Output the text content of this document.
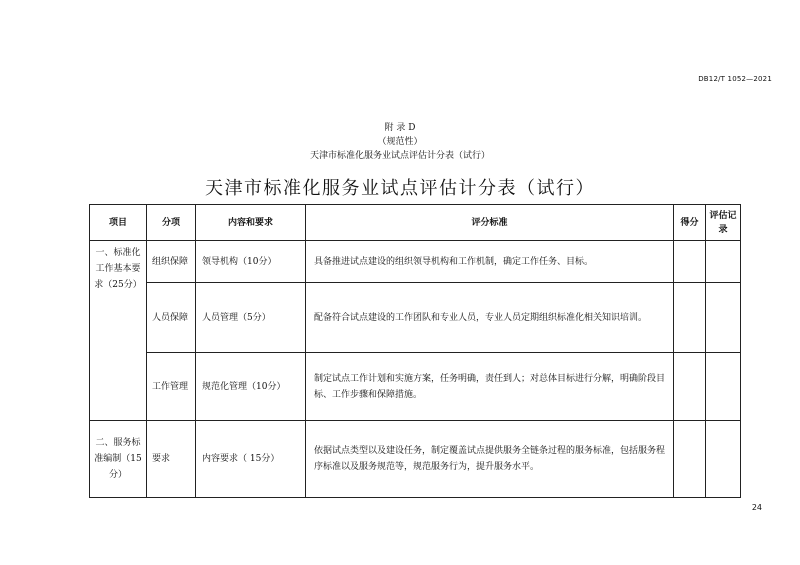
DB12/T 1052—2021
附 录 D
（规范性）
天津市标准化服务业试点评估计分表（试行）
天津市标准化服务业试点评估计分表（试行）
项目	分项	内容和要求	评分标准	得分	评估记录
一、标准化工作基本要求（25分）	组织保障	领导机构（10分）	具备推进试点建设的组织领导机构和工作机制，确定工作任务、目标。		
	人员保障	人员管理（5分）	配备符合试点建设的工作团队和专业人员，专业人员定期组织标准化相关知识培训。		
	工作管理	规范化管理（10分）	制定试点工作计划和实施方案，任务明确，责任到人；对总体目标进行分解，明确阶段目标、工作步骤和保障措施。		
二、服务标准编制（15分）	要求	内容要求（ 15分）	依据试点类型以及建设任务，制定覆盖试点提供服务全链条过程的服务标准，包括服务程序标准以及服务规范等，规范服务行为，提升服务水平。		
24
